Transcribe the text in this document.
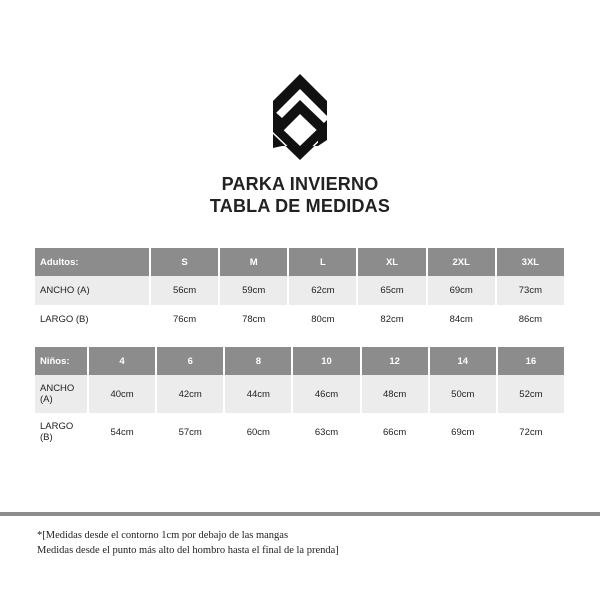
PARKA INVIERNO
TABLA DE MEDIDAS
Adultos:	S	M	L	XL	2XL	3XL
ANCHO (A)	56cm	59cm	62cm	65cm	69cm	73cm
LARGO (B)	76cm	78cm	80cm	82cm	84cm	86cm
Niños:	4	6	8	10	12	14	16
ANCHO (A)	40cm	42cm	44cm	46cm	48cm	50cm	52cm
LARGO (B)	54cm	57cm	60cm	63cm	66cm	69cm	72cm
*[Medidas desde el contorno 1cm por debajo de las mangas
Medidas desde el punto más alto del hombro hasta el final de la prenda]
